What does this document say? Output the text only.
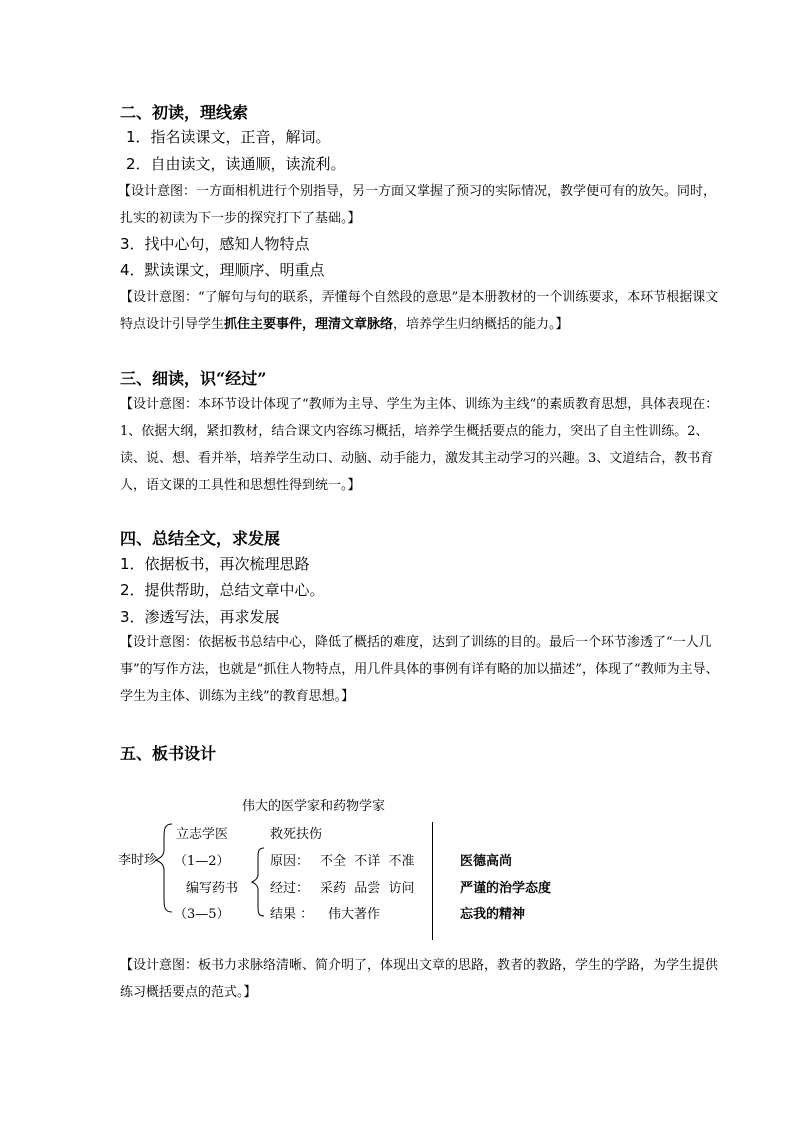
二、初读，理线索
1．指名读课文，正音，解词。
2．自由读文，读通顺，读流利。
【设计意图：一方面相机进行个别指导，另一方面又掌握了预习的实际情况，教学便可有的放矢。同时，扎实的初读为下一步的探究打下了基础。】
3．找中心句，感知人物特点
4．默读课文，理顺序、明重点
【设计意图：“了解句与句的联系，弄懂每个自然段的意思”是本册教材的一个训练要求，本环节根据课文特点设计引导学生抓住主要事件，理清文章脉络，培养学生归纳概括的能力。】
三、细读，识“经过”
【设计意图：本环节设计体现了“教师为主导、学生为主体、训练为主线”的素质教育思想，具体表现在：1、依据大纲，紧扣教材，结合课文内容练习概括，培养学生概括要点的能力，突出了自主性训练。2、读、说、想、看并举，培养学生动口、动脑、动手能力，激发其主动学习的兴趣。3、文道结合，教书育人，语文课的工具性和思想性得到统一。】
四、总结全文，求发展
1．依据板书，再次梳理思路
2．提供帮助，总结文章中心。
3．渗透写法，再求发展
【设计意图：依据板书总结中心，降低了概括的难度，达到了训练的目的。最后一个环节渗透了“一人几事”的写作方法，也就是“抓住人物特点，用几件具体的事例有详有略的加以描述”，体现了“教师为主导、学生为主体、训练为主线”的教育思想。】
五、板书设计
伟大的医学家和药物学家
李时珍
立志学医	救死扶伤
（1—2）
编写药书
（3—5）
原因： 不全  不详  不准
经过： 采药  品尝  访问
结果 ： 伟大著作
医德高尚
严谨的治学态度
忘我的精神
【设计意图：板书力求脉络清晰、简介明了，体现出文章的思路，教者的教路，学生的学路，为学生提供练习概括要点的范式。】
